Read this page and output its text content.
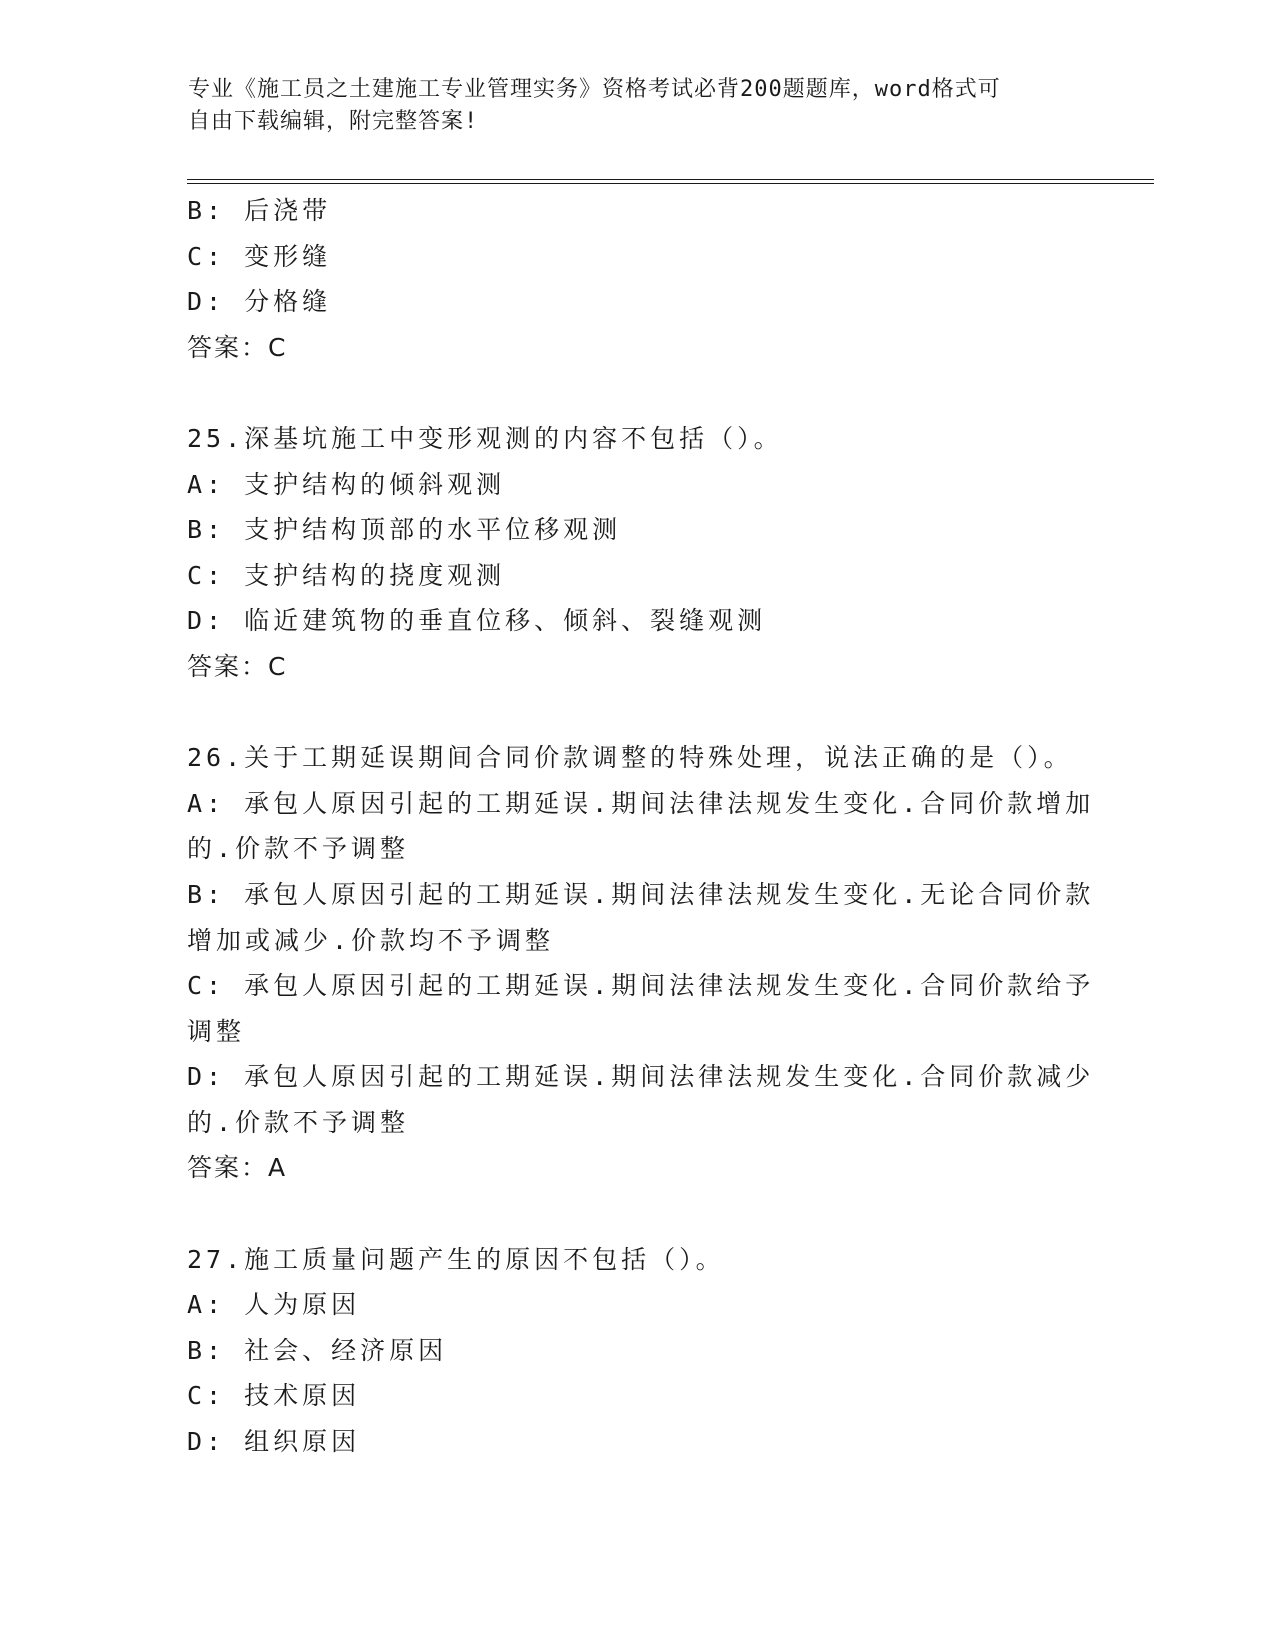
专业《施工员之土建施工专业管理实务》资格考试必背200题题库，word格式可
自由下载编辑，附完整答案!
B: 后浇带
C: 变形缝
D: 分格缝
答案：C
25.深基坑施工中变形观测的内容不包括（）。
A: 支护结构的倾斜观测
B: 支护结构顶部的水平位移观测
C: 支护结构的挠度观测
D: 临近建筑物的垂直位移、倾斜、裂缝观测
答案：C
26.关于工期延误期间合同价款调整的特殊处理，说法正确的是（）。
A: 承包人原因引起的工期延误.期间法律法规发生变化.合同价款增加
的.价款不予调整
B: 承包人原因引起的工期延误.期间法律法规发生变化.无论合同价款
增加或减少.价款均不予调整
C: 承包人原因引起的工期延误.期间法律法规发生变化.合同价款给予
调整
D: 承包人原因引起的工期延误.期间法律法规发生变化.合同价款减少
的.价款不予调整
答案：A
27.施工质量问题产生的原因不包括（）。
A: 人为原因
B: 社会、经济原因
C: 技术原因
D: 组织原因
